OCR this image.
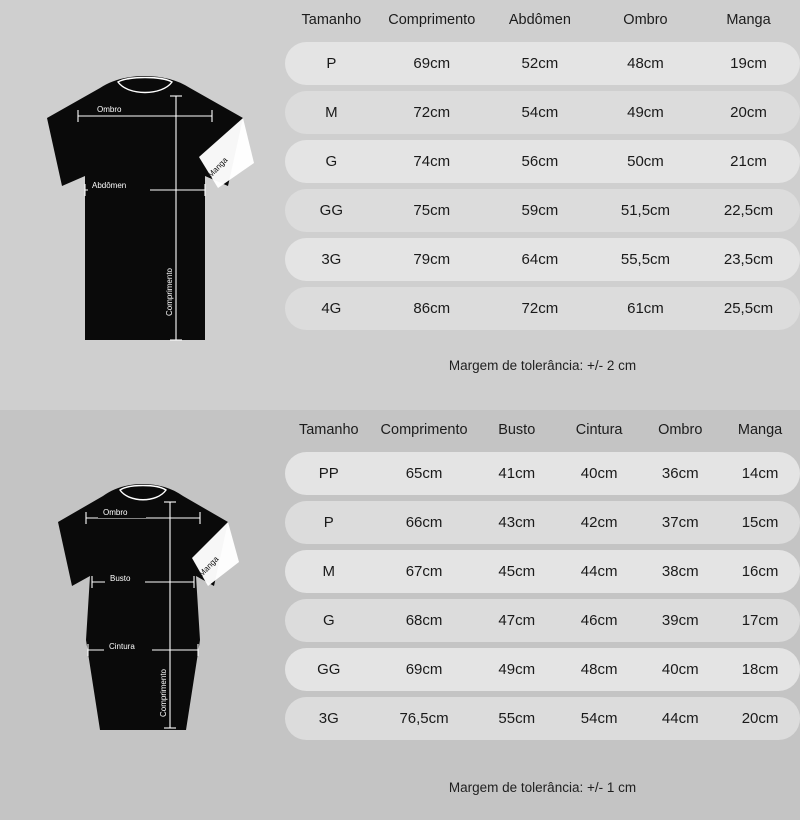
Manga
Ombro
Abdômen
Comprimento
Tamanho	Comprimento	Abdômen	Ombro	Manga
P	69cm	52cm	48cm	19cm
M	72cm	54cm	49cm	20cm
G	74cm	56cm	50cm	21cm
GG	75cm	59cm	51,5cm	22,5cm
3G	79cm	64cm	55,5cm	23,5cm
4G	86cm	72cm	61cm	25,5cm
Margem de tolerância: +/- 2 cm
Manga
Ombro
Busto
Cintura
Comprimento
Tamanho	Comprimento	Busto	Cintura	Ombro	Manga
PP	65cm	41cm	40cm	36cm	14cm
P	66cm	43cm	42cm	37cm	15cm
M	67cm	45cm	44cm	38cm	16cm
G	68cm	47cm	46cm	39cm	17cm
GG	69cm	49cm	48cm	40cm	18cm
3G	76,5cm	55cm	54cm	44cm	20cm
Margem de tolerância: +/- 1 cm
